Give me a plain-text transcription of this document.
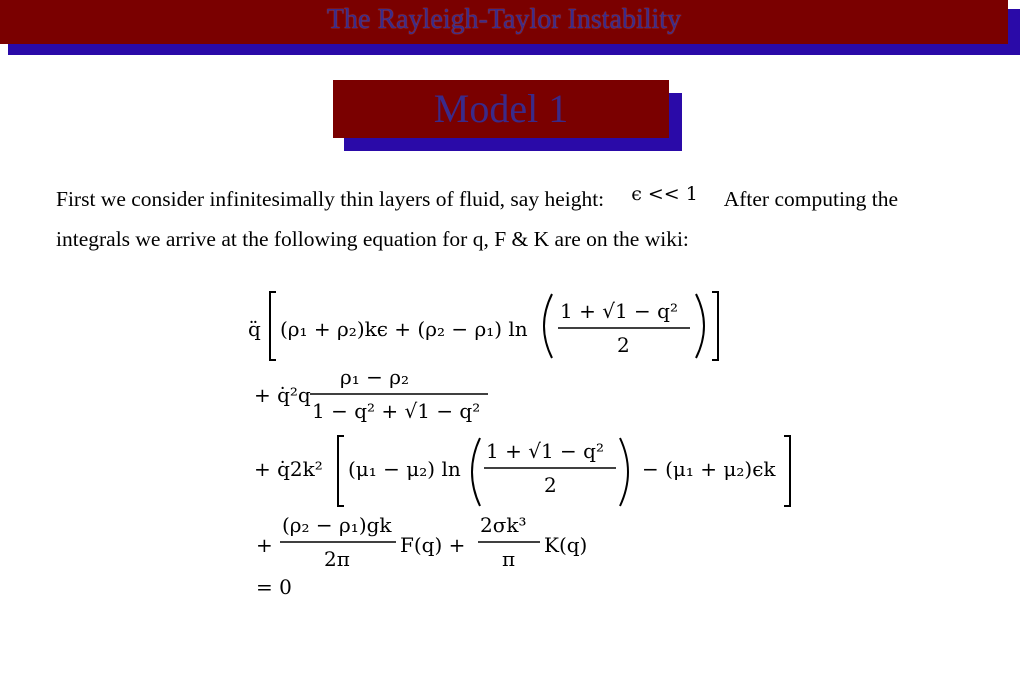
The Rayleigh-Taylor Instability
Model 1
First we consider infinitesimally thin layers of fluid, say height: ϵ << 1 After computing the integrals we arrive at the following equation for q, F & K are on the wiki:
q̈ (ρ₁ + ρ₂)kϵ + (ρ₂ − ρ₁) ln
1 + √1 − q²
2
+ q̇²q
ρ₁ − ρ₂
1 − q² + √1 − q²
+ q̇2k² (μ₁ − μ₂) ln
1 + √1 − q²
2
− (μ₁ + μ₂)ϵk
+
(ρ₂ − ρ₁)gk
2π
F(q) +
2σk³
π
K(q)
= 0
